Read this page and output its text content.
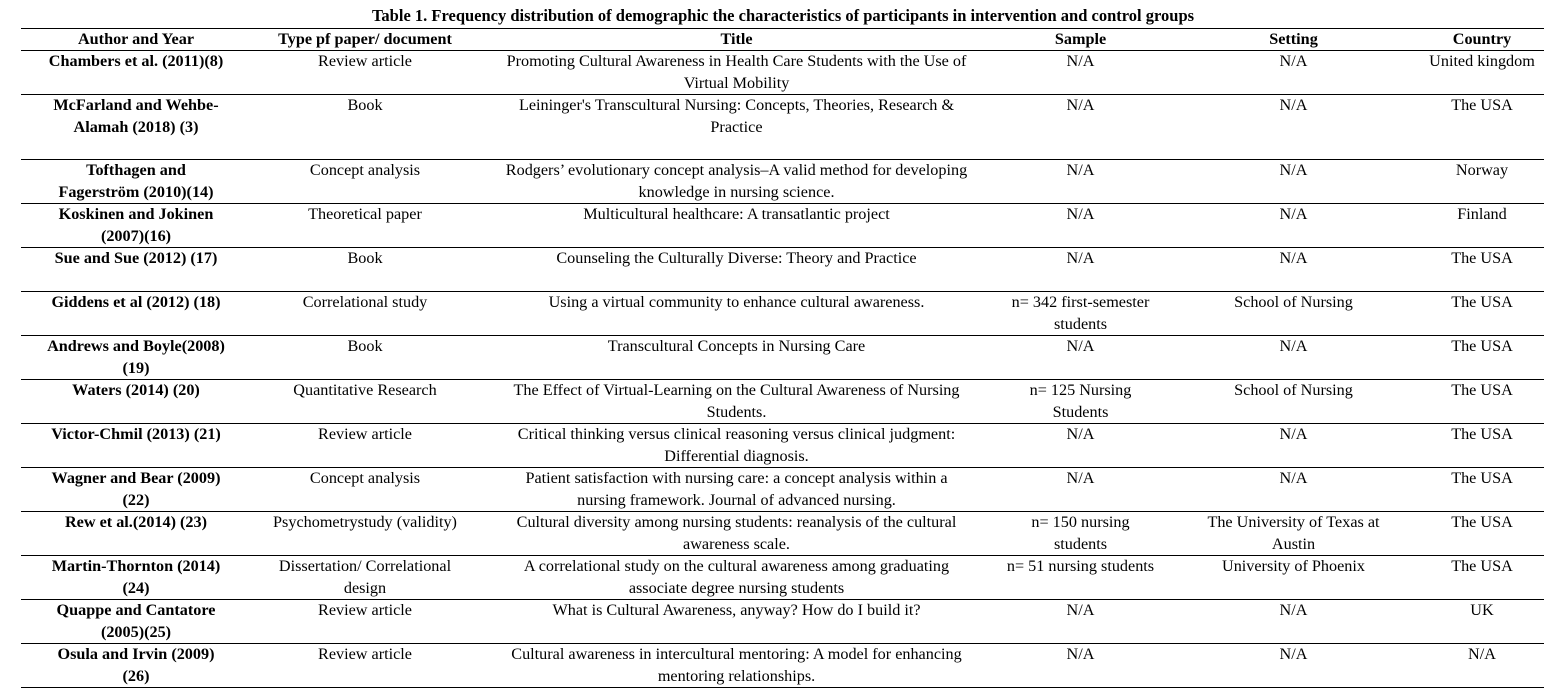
Table 1. Frequency distribution of demographic the characteristics of participants in intervention and control groups
Author and Year	Type pf paper/ document	Title	Sample	Setting	Country

Chambers et al. (2011)(8)	Review article	Promoting Cultural Awareness in Health Care Students with the Use of Virtual Mobility	N/A	N/A	United kingdom

McFarland and Wehbe-Alamah (2018) (3)	Book	Leininger's Transcultural Nursing: Concepts, Theories, Research & Practice	N/A	N/A	The USA

Tofthagen and Fagerström (2010)(14)	Concept analysis	Rodgers’ evolutionary concept analysis–A valid method for developing knowledge in nursing science.	N/A	N/A	Norway

Koskinen and Jokinen (2007)(16)	Theoretical paper	Multicultural healthcare: A transatlantic project	N/A	N/A	Finland

Sue and Sue (2012) (17)	Book	Counseling the Culturally Diverse: Theory and Practice	N/A	N/A	The USA

Giddens et al (2012) (18)	Correlational study	Using a virtual community to enhance cultural awareness.	n= 342 first-semester students	School of Nursing	The USA

Andrews and Boyle(2008) (19)	Book	Transcultural Concepts in Nursing Care	N/A	N/A	The USA

Waters (2014) (20)	Quantitative Research	The Effect of Virtual-Learning on the Cultural Awareness of Nursing Students.	n= 125 Nursing Students	School of Nursing	The USA

Victor-Chmil (2013) (21)	Review article	Critical thinking versus clinical reasoning versus clinical judgment: Differential diagnosis.	N/A	N/A	The USA

Wagner and Bear (2009)(22)	Concept analysis	Patient satisfaction with nursing care: a concept analysis within a nursing framework. Journal of advanced nursing.	N/A	N/A	The USA

Rew et al.(2014) (23)	Psychometrystudy (validity)	Cultural diversity among nursing students: reanalysis of the cultural awareness scale.	n= 150 nursing students	The University of Texas at Austin	The USA

Martin-Thornton (2014)(24)	Dissertation/ Correlational design	A correlational study on the cultural awareness among graduating associate degree nursing students	n= 51 nursing students	University of Phoenix	The USA

Quappe and Cantatore (2005)(25)	Review article	What is Cultural Awareness, anyway? How do I build it?	N/A	N/A	UK

Osula and Irvin (2009)(26)	Review article	Cultural awareness in intercultural mentoring: A model for enhancing mentoring relationships.	N/A	N/A	N/A
